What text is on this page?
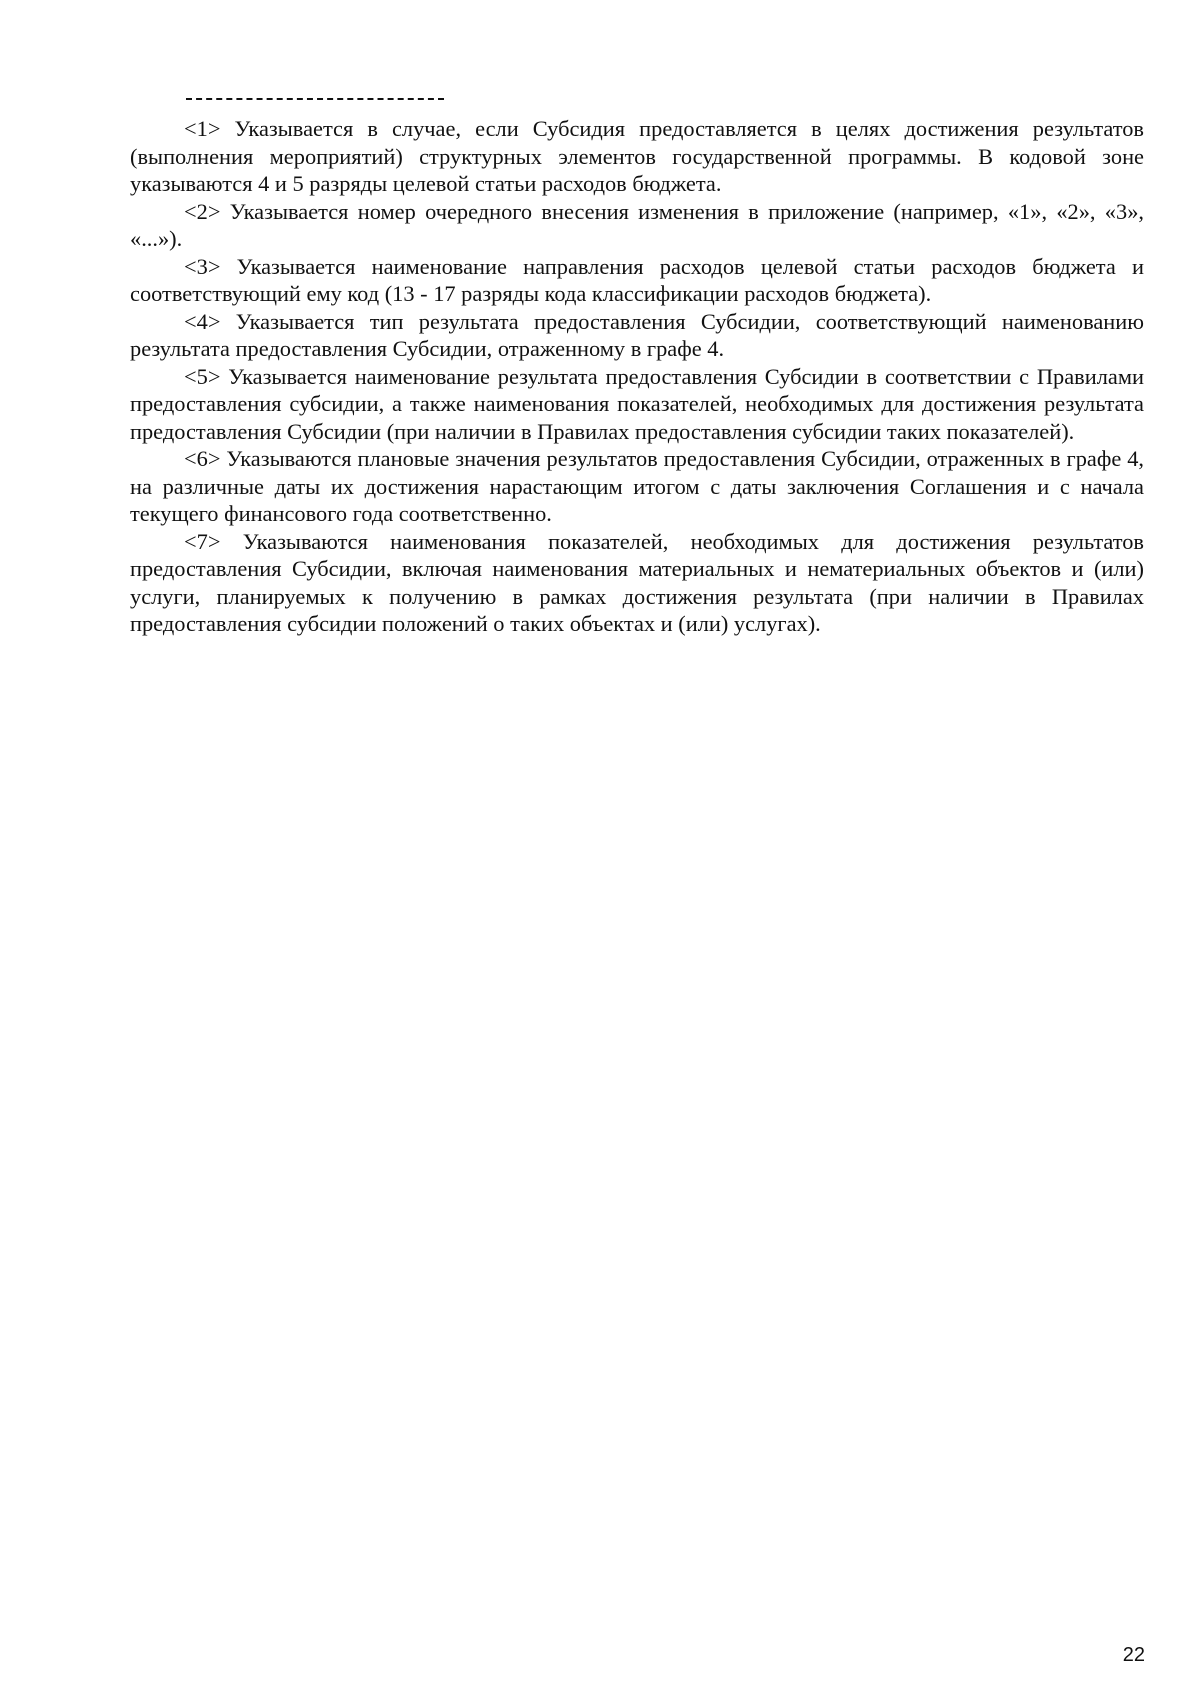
<1> Указывается в случае, если Субсидия предоставляется в целях достижения результатов (выполнения мероприятий) структурных элементов государственной программы. В кодовой зоне указываются 4 и 5 разряды целевой статьи расходов бюджета.

<2> Указывается номер очередного внесения изменения в приложение (например, «1», «2», «3», «...»).

<3> Указывается наименование направления расходов целевой статьи расходов бюджета и соответствующий ему код (13 - 17 разряды кода классификации расходов бюджета).

<4> Указывается тип результата предоставления Субсидии, соответствующий наименованию результата предоставления Субсидии, отраженному в графе 4.

<5> Указывается наименование результата предоставления Субсидии в соответствии с Правилами предоставления субсидии, а также наименования показателей, необходимых для достижения результата предоставления Субсидии (при наличии в Правилах предоставления субсидии таких показателей).

<6> Указываются плановые значения результатов предоставления Субсидии, отраженных в графе 4, на различные даты их достижения нарастающим итогом с даты заключения Соглашения и с начала текущего финансового года соответственно.

<7> Указываются наименования показателей, необходимых для достижения результатов предоставления Субсидии, включая наименования материальных и нематериальных объектов и (или) услуги, планируемых к получению в рамках достижения результата (при наличии в Правилах предоставления субсидии положений о таких объектах и (или) услугах).

22
